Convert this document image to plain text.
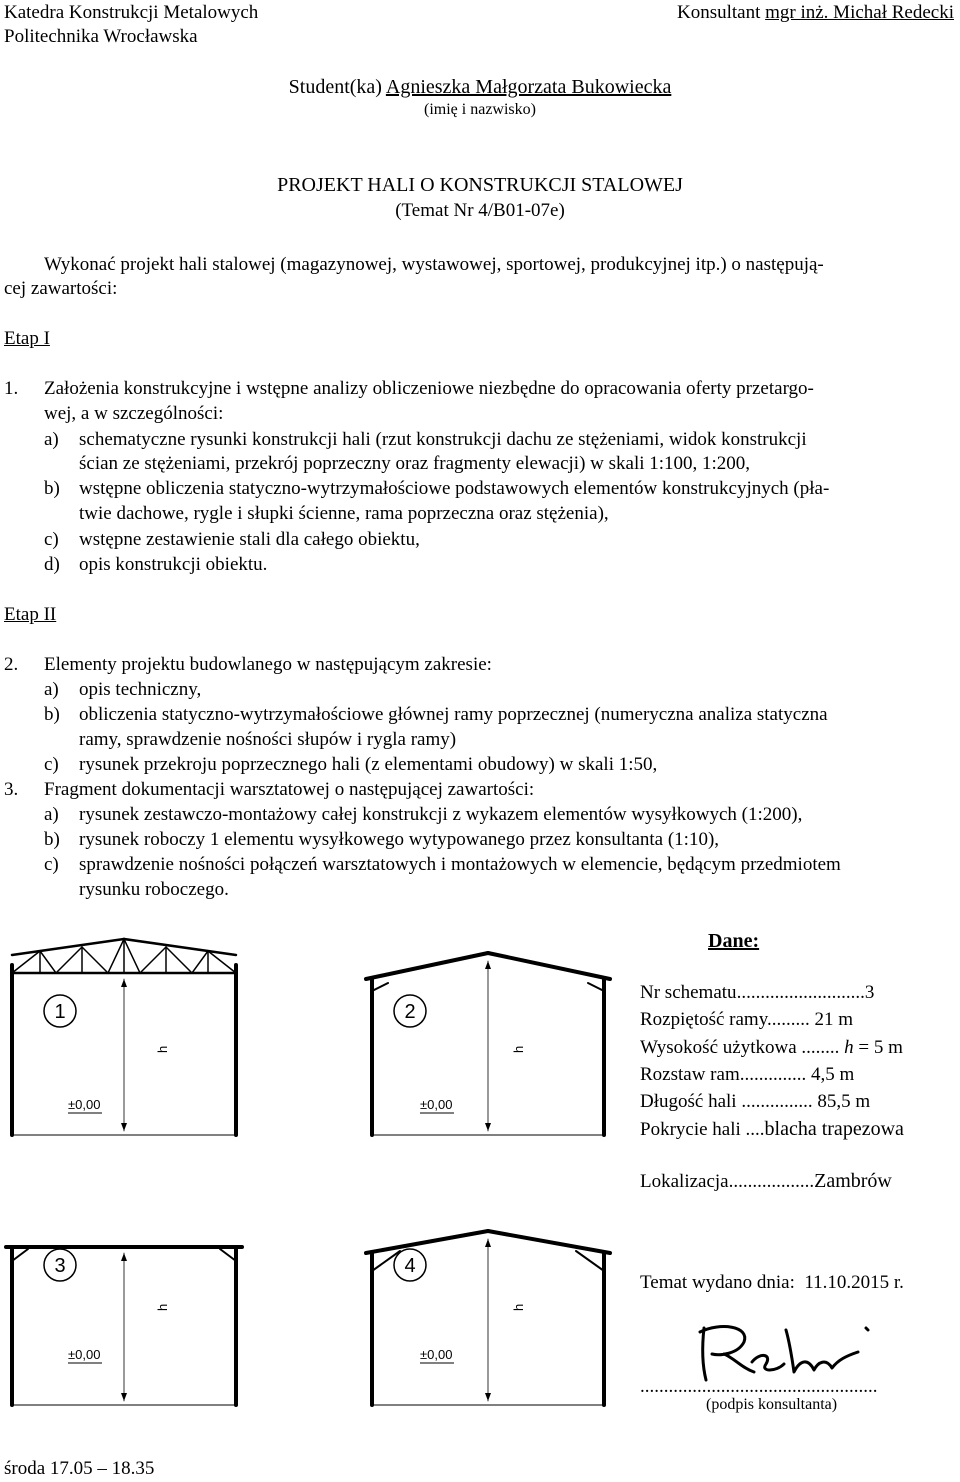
Katedra Konstrukcji Metalowych
Politechnika Wrocławska
Konsultant mgr inż. Michał Redecki
Student(ka) Agnieszka Małgorzata Bukowiecka
(imię i nazwisko)
PROJEKT HALI O KONSTRUKCJI STALOWEJ
(Temat Nr 4/B01-07e)
Wykonać projekt hali stalowej (magazynowej, wystawowej, sportowej, produkcyjnej itp.) o następują-
cej zawartości:
Etap I
1. Założenia konstrukcyjne i wstępne analizy obliczeniowe niezbędne do opracowania oferty przetargo-
wej, a w szczególności:
a) schematyczne rysunki konstrukcji hali (rzut konstrukcji dachu ze stężeniami, widok konstrukcji
ścian ze stężeniami, przekrój poprzeczny oraz fragmenty elewacji) w skali 1:100, 1:200,
b) wstępne obliczenia statyczno-wytrzymałościowe podstawowych elementów konstrukcyjnych (pła-
twie dachowe, rygle i słupki ścienne, rama poprzeczna oraz stężenia),
c) wstępne zestawienie stali dla całego obiektu,
d) opis konstrukcji obiektu.
Etap II
2. Elementy projektu budowlanego w następującym zakresie:
a) opis techniczny,
b) obliczenia statyczno-wytrzymałościowe głównej ramy poprzecznej (numeryczna analiza statyczna
ramy, sprawdzenie nośności słupów i rygla ramy)
c) rysunek przekroju poprzecznego hali (z elementami obudowy) w skali 1:50,
3. Fragment dokumentacji warsztatowej o następującej zawartości:
a) rysunek zestawczo-montażowy całej konstrukcji z wykazem elementów wysyłkowych (1:200),
b) rysunek roboczy 1 elementu wysyłkowego wytypowanego przez konsultanta (1:10),
c) sprawdzenie nośności połączeń warsztatowych i montażowych w elemencie, będącym przedmiotem
rysunku roboczego.
1	2
3	4
h	h
h	h
±0,00	±0,00
±0,00	±0,00
Dane:
Nr schematu...........................3
Rozpiętość ramy......... 21 m
Wysokość użytkowa ........ h = 5 m
Rozstaw ram.............. 4,5 m
Długość hali ............... 85,5 m
Pokrycie hali ....blacha trapezowa
Lokalizacja..................Zambrów
Temat wydano dnia: 11.10.2015 r.
..................................................
(podpis konsultanta)
środa 17.05 – 18.35
